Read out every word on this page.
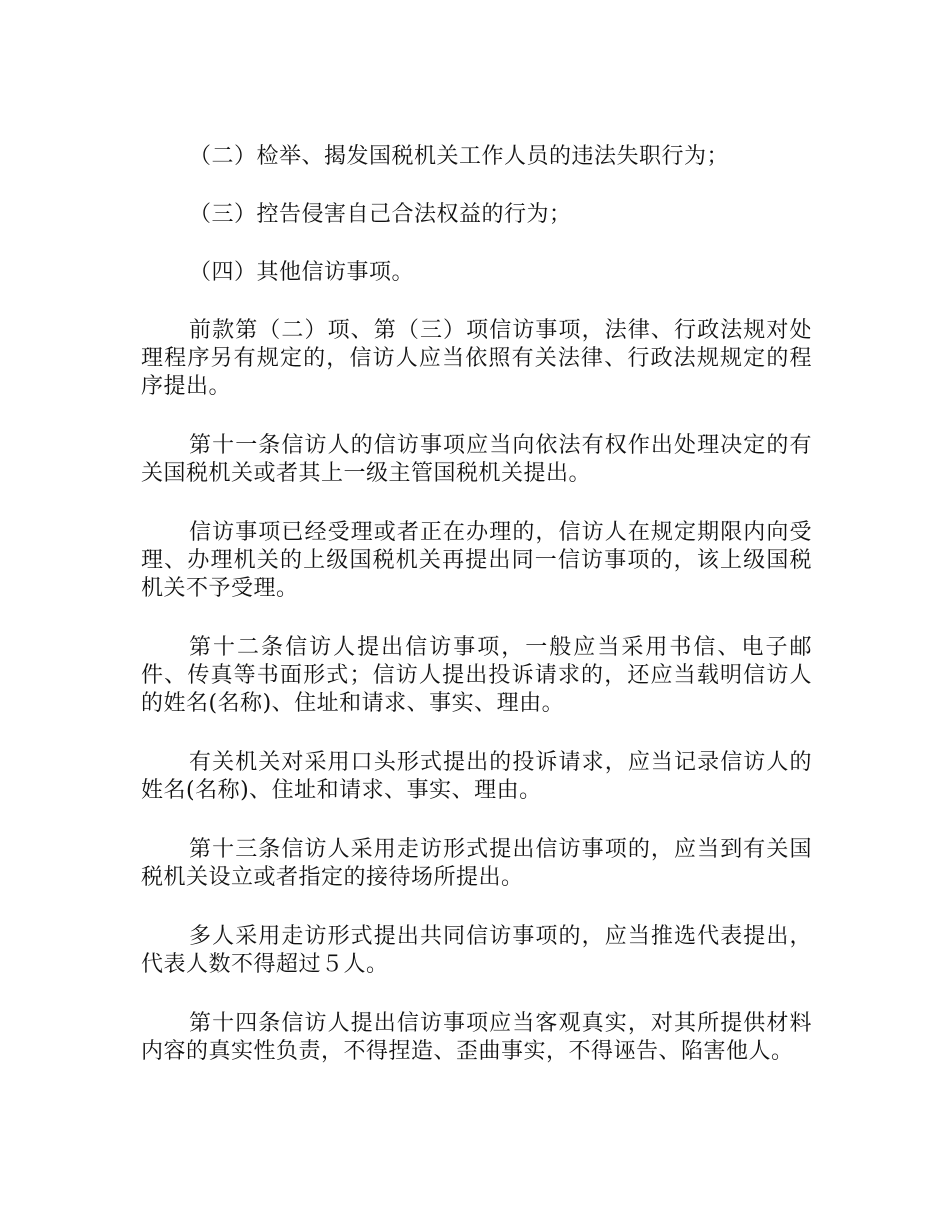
（二）检举、揭发国税机关工作人员的违法失职行为；

（三）控告侵害自己合法权益的行为；

（四）其他信访事项。

前款第（二）项、第（三）项信访事项，法律、行政法规对处理程序另有规定的，信访人应当依照有关法律、行政法规规定的程序提出。

第十一条信访人的信访事项应当向依法有权作出处理决定的有关国税机关或者其上一级主管国税机关提出。

信访事项已经受理或者正在办理的，信访人在规定期限内向受理、办理机关的上级国税机关再提出同一信访事项的，该上级国税机关不予受理。

第十二条信访人提出信访事项，一般应当采用书信、电子邮件、传真等书面形式；信访人提出投诉请求的，还应当载明信访人的姓名(名称)、住址和请求、事实、理由。

有关机关对采用口头形式提出的投诉请求，应当记录信访人的姓名(名称)、住址和请求、事实、理由。

第十三条信访人采用走访形式提出信访事项的，应当到有关国税机关设立或者指定的接待场所提出。

多人采用走访形式提出共同信访事项的，应当推选代表提出，代表人数不得超过５人。

第十四条信访人提出信访事项应当客观真实，对其所提供材料内容的真实性负责，不得捏造、歪曲事实，不得诬告、陷害他人。
